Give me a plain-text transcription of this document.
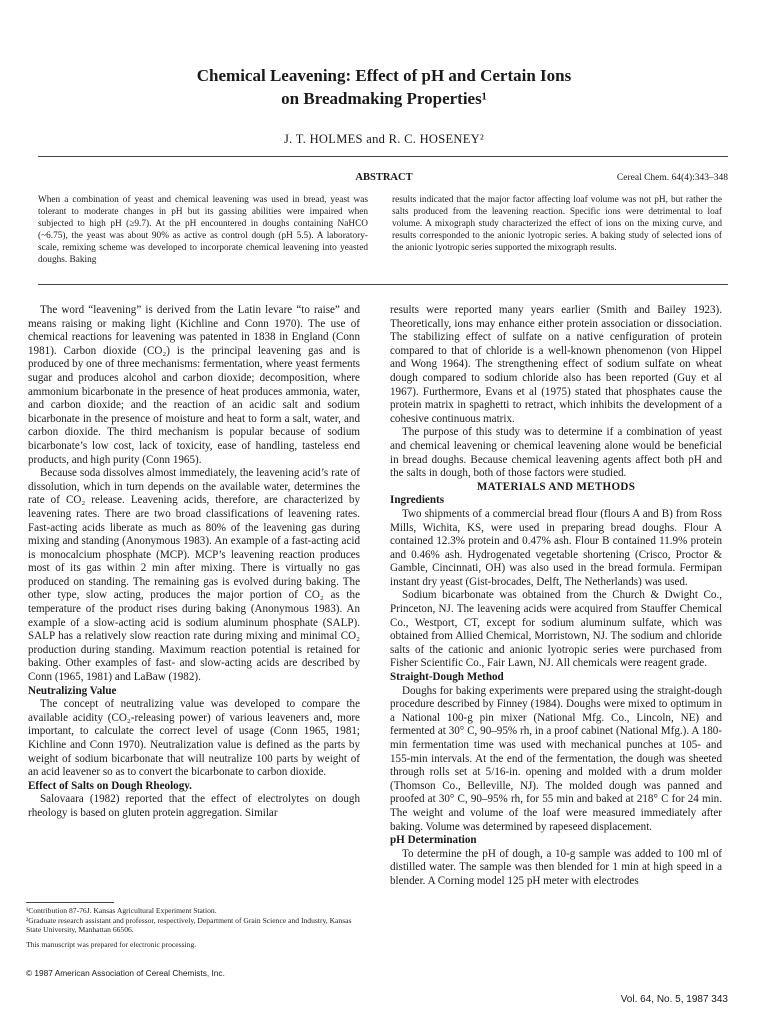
Chemical Leavening: Effect of pH and Certain Ions
on Breadmaking Properties¹
J. T. HOLMES and R. C. HOSENEY²
ABSTRACT	Cereal Chem. 64(4):343–348
When a combination of yeast and chemical leavening was used in bread, yeast was tolerant to moderate changes in pH but its gassing abilities were impaired when subjected to high pH (≥9.7). At the pH encountered in doughs containing NaHCO (~6.75), the yeast was about 90% as active as control dough (pH 5.5). A laboratory-scale, remixing scheme was developed to incorporate chemical leavening into yeasted doughs. Baking
results indicated that the major factor affecting loaf volume was not pH, but rather the salts produced from the leavening reaction. Specific ions were detrimental to loaf volume. A mixograph study characterized the effect of ions on the mixing curve, and results corresponded to the anionic lyotropic series. A baking study of selected ions of the anionic lyotropic series supported the mixograph results.

The word “leavening” is derived from the Latin levare “to raise” and means raising or making light (Kichline and Conn 1970). The use of chemical reactions for leavening was patented in 1838 in England (Conn 1981). Carbon dioxide (CO₂) is the principal leavening gas and is produced by one of three mechanisms: fermentation, where yeast ferments sugar and produces alcohol and carbon dioxide; decomposition, where ammonium bicarbonate in the presence of heat produces ammonia, water, and carbon dioxide; and the reaction of an acidic salt and sodium bicarbonate in the presence of moisture and heat to form a salt, water, and carbon dioxide. The third mechanism is popular because of sodium bicarbonate’s low cost, lack of toxicity, ease of handling, tasteless end products, and high purity (Conn 1965).

Because soda dissolves almost immediately, the leavening acid’s rate of dissolution, which in turn depends on the available water, determines the rate of CO₂ release. Leavening acids, therefore, are characterized by leavening rates. There are two broad classifications of leavening rates. Fast-acting acids liberate as much as 80% of the leavening gas during mixing and standing (Anonymous 1983). An example of a fast-acting acid is monocalcium phosphate (MCP). MCP’s leavening reaction produces most of its gas within 2 min after mixing. There is virtually no gas produced on standing. The remaining gas is evolved during baking. The other type, slow acting, produces the major portion of CO₂ as the temperature of the product rises during baking (Anonymous 1983). An example of a slow-acting acid is sodium aluminum phosphate (SALP). SALP has a relatively slow reaction rate during mixing and minimal CO₂ production during standing. Maximum reaction potential is retained for baking. Other examples of fast- and slow-acting acids are described by Conn (1965, 1981) and LaBaw (1982).

Neutralizing Value

The concept of neutralizing value was developed to compare the available acidity (CO₂-releasing power) of various leaveners and, more important, to calculate the correct level of usage (Conn 1965, 1981; Kichline and Conn 1970). Neutralization value is defined as the parts by weight of sodium bicarbonate that will neutralize 100 parts by weight of an acid leavener so as to convert the bicarbonate to carbon dioxide.

Effect of Salts on Dough Rheology.

Salovaara (1982) reported that the effect of electrolytes on dough rheology is based on gluten protein aggregation. Similar

results were reported many years earlier (Smith and Bailey 1923). Theoretically, ions may enhance either protein association or dissociation. The stabilizing effect of sulfate on a native cenfiguration of protein compared to that of chloride is a well-known phenomenon (von Hippel and Wong 1964). The strengthening effect of sodium sulfate on wheat dough compared to sodium chloride also has been reported (Guy et al 1967). Furthermore, Evans et al (1975) stated that phosphates cause the protein matrix in spaghetti to retract, which inhibits the development of a cohesive continuous matrix.

The purpose of this study was to determine if a combination of yeast and chemical leavening or chemical leavening alone would be beneficial in bread doughs. Because chemical leavening agents affect both pH and the salts in dough, both of those factors were studied.

MATERIALS AND METHODS

Ingredients

Two shipments of a commercial bread flour (flours A and B) from Ross Mills, Wichita, KS, were used in preparing bread doughs. Flour A contained 12.3% protein and 0.47% ash. Flour B contained 11.9% protein and 0.46% ash. Hydrogenated vegetable shortening (Crisco, Proctor & Gamble, Cincinnati, OH) was also used in the bread formula. Fermipan instant dry yeast (Gist-brocades, Delft, The Netherlands) was used.

Sodium bicarbonate was obtained from the Church & Dwight Co., Princeton, NJ. The leavening acids were acquired from Stauffer Chemical Co., Westport, CT, except for sodium aluminum sulfate, which was obtained from Allied Chemical, Morristown, NJ. The sodium and chloride salts of the cationic and anionic lyotropic series were purchased from Fisher Scientific Co., Fair Lawn, NJ. All chemicals were reagent grade.

Straight-Dough Method

Doughs for baking experiments were prepared using the straight-dough procedure described by Finney (1984). Doughs were mixed to optimum in a National 100-g pin mixer (National Mfg. Co., Lincoln, NE) and fermented at 30° C, 90–95% rh, in a proof cabinet (National Mfg.). A 180-min fermentation time was used with mechanical punches at 105- and 155-min intervals. At the end of the fermentation, the dough was sheeted through rolls set at 5/16-in. opening and molded with a drum molder (Thomson Co., Belleville, NJ). The molded dough was panned and proofed at 30° C, 90–95% rh, for 55 min and baked at 218° C for 24 min. The weight and volume of the loaf were measured immediately after baking. Volume was determined by rapeseed displacement.

pH Determination

To determine the pH of dough, a 10-g sample was added to 100 ml of distilled water. The sample was then blended for 1 min at high speed in a blender. A Corning model 125 pH meter with electrodes

¹Contribution 87-76J. Kansas Agricultural Experiment Station.
²Graduate research assistant and professor, respectively, Department of Grain Science and Industry, Kansas State University, Manhattan 66506.
This manuscript was prepared for electronic processing.
© 1987 American Association of Cereal Chemists, Inc.
Vol. 64, No. 5, 1987 343
